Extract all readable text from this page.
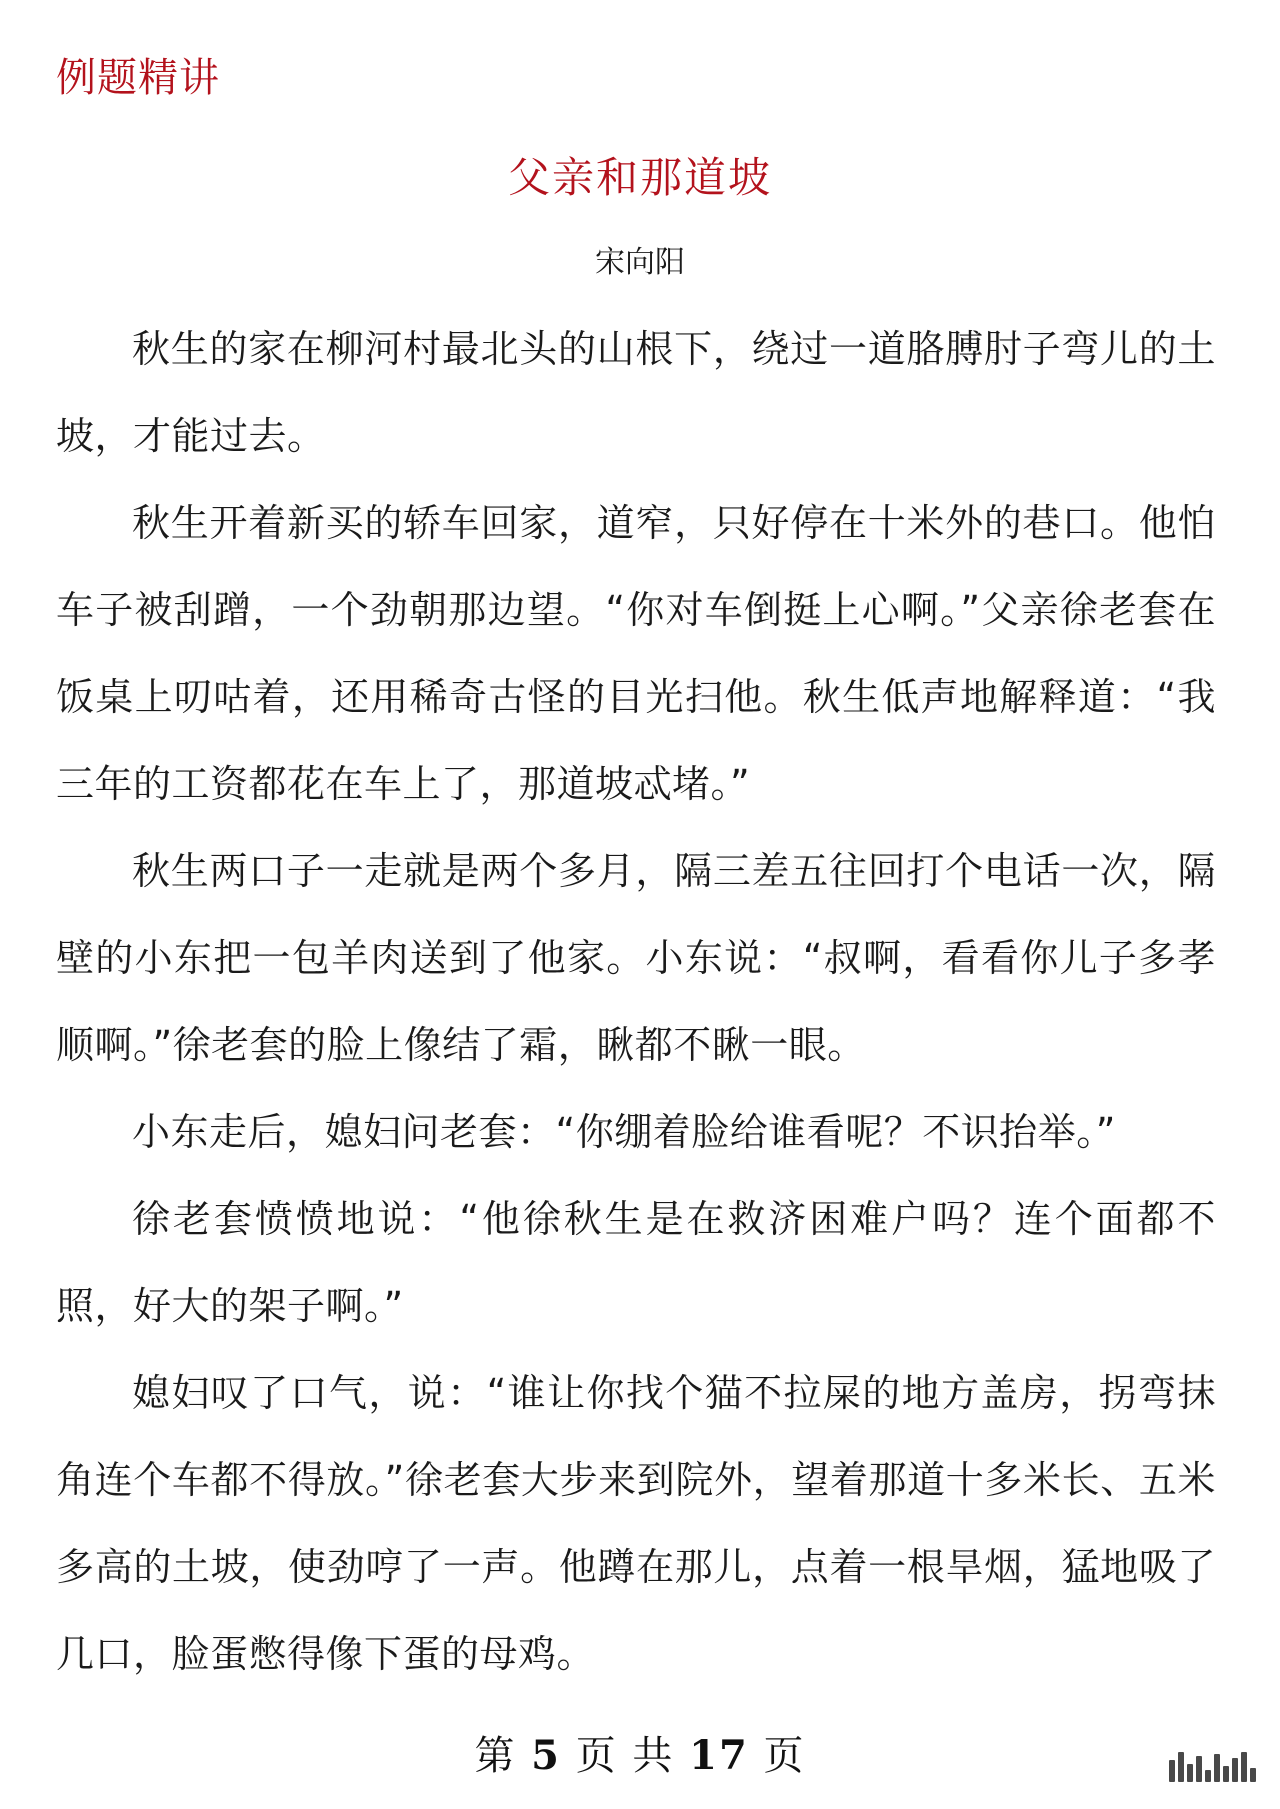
例题精讲
父亲和那道坡
宋向阳

秋生的家在柳河村最北头的山根下，绕过一道胳膊肘子弯儿的土坡，才能过去。

秋生开着新买的轿车回家，道窄，只好停在十米外的巷口。他怕车子被刮蹭，一个劲朝那边望。“你对车倒挺上心啊。”父亲徐老套在饭桌上叨咕着，还用稀奇古怪的目光扫他。秋生低声地解释道：“我三年的工资都花在车上了，那道坡忒堵。”

秋生两口子一走就是两个多月，隔三差五往回打个电话一次，隔壁的小东把一包羊肉送到了他家。小东说：“叔啊，看看你儿子多孝顺啊。”徐老套的脸上像结了霜，瞅都不瞅一眼。

小东走后，媳妇问老套：“你绷着脸给谁看呢？不识抬举。”

徐老套愤愤地说：“他徐秋生是在救济困难户吗？连个面都不照，好大的架子啊。”

媳妇叹了口气，说：“谁让你找个猫不拉屎的地方盖房，拐弯抹角连个车都不得放。”徐老套大步来到院外，望着那道十多米长、五米多高的土坡，使劲哼了一声。他蹲在那儿，点着一根旱烟，猛地吸了几口，脸蛋憋得像下蛋的母鸡。

第 5 页 共 17 页
